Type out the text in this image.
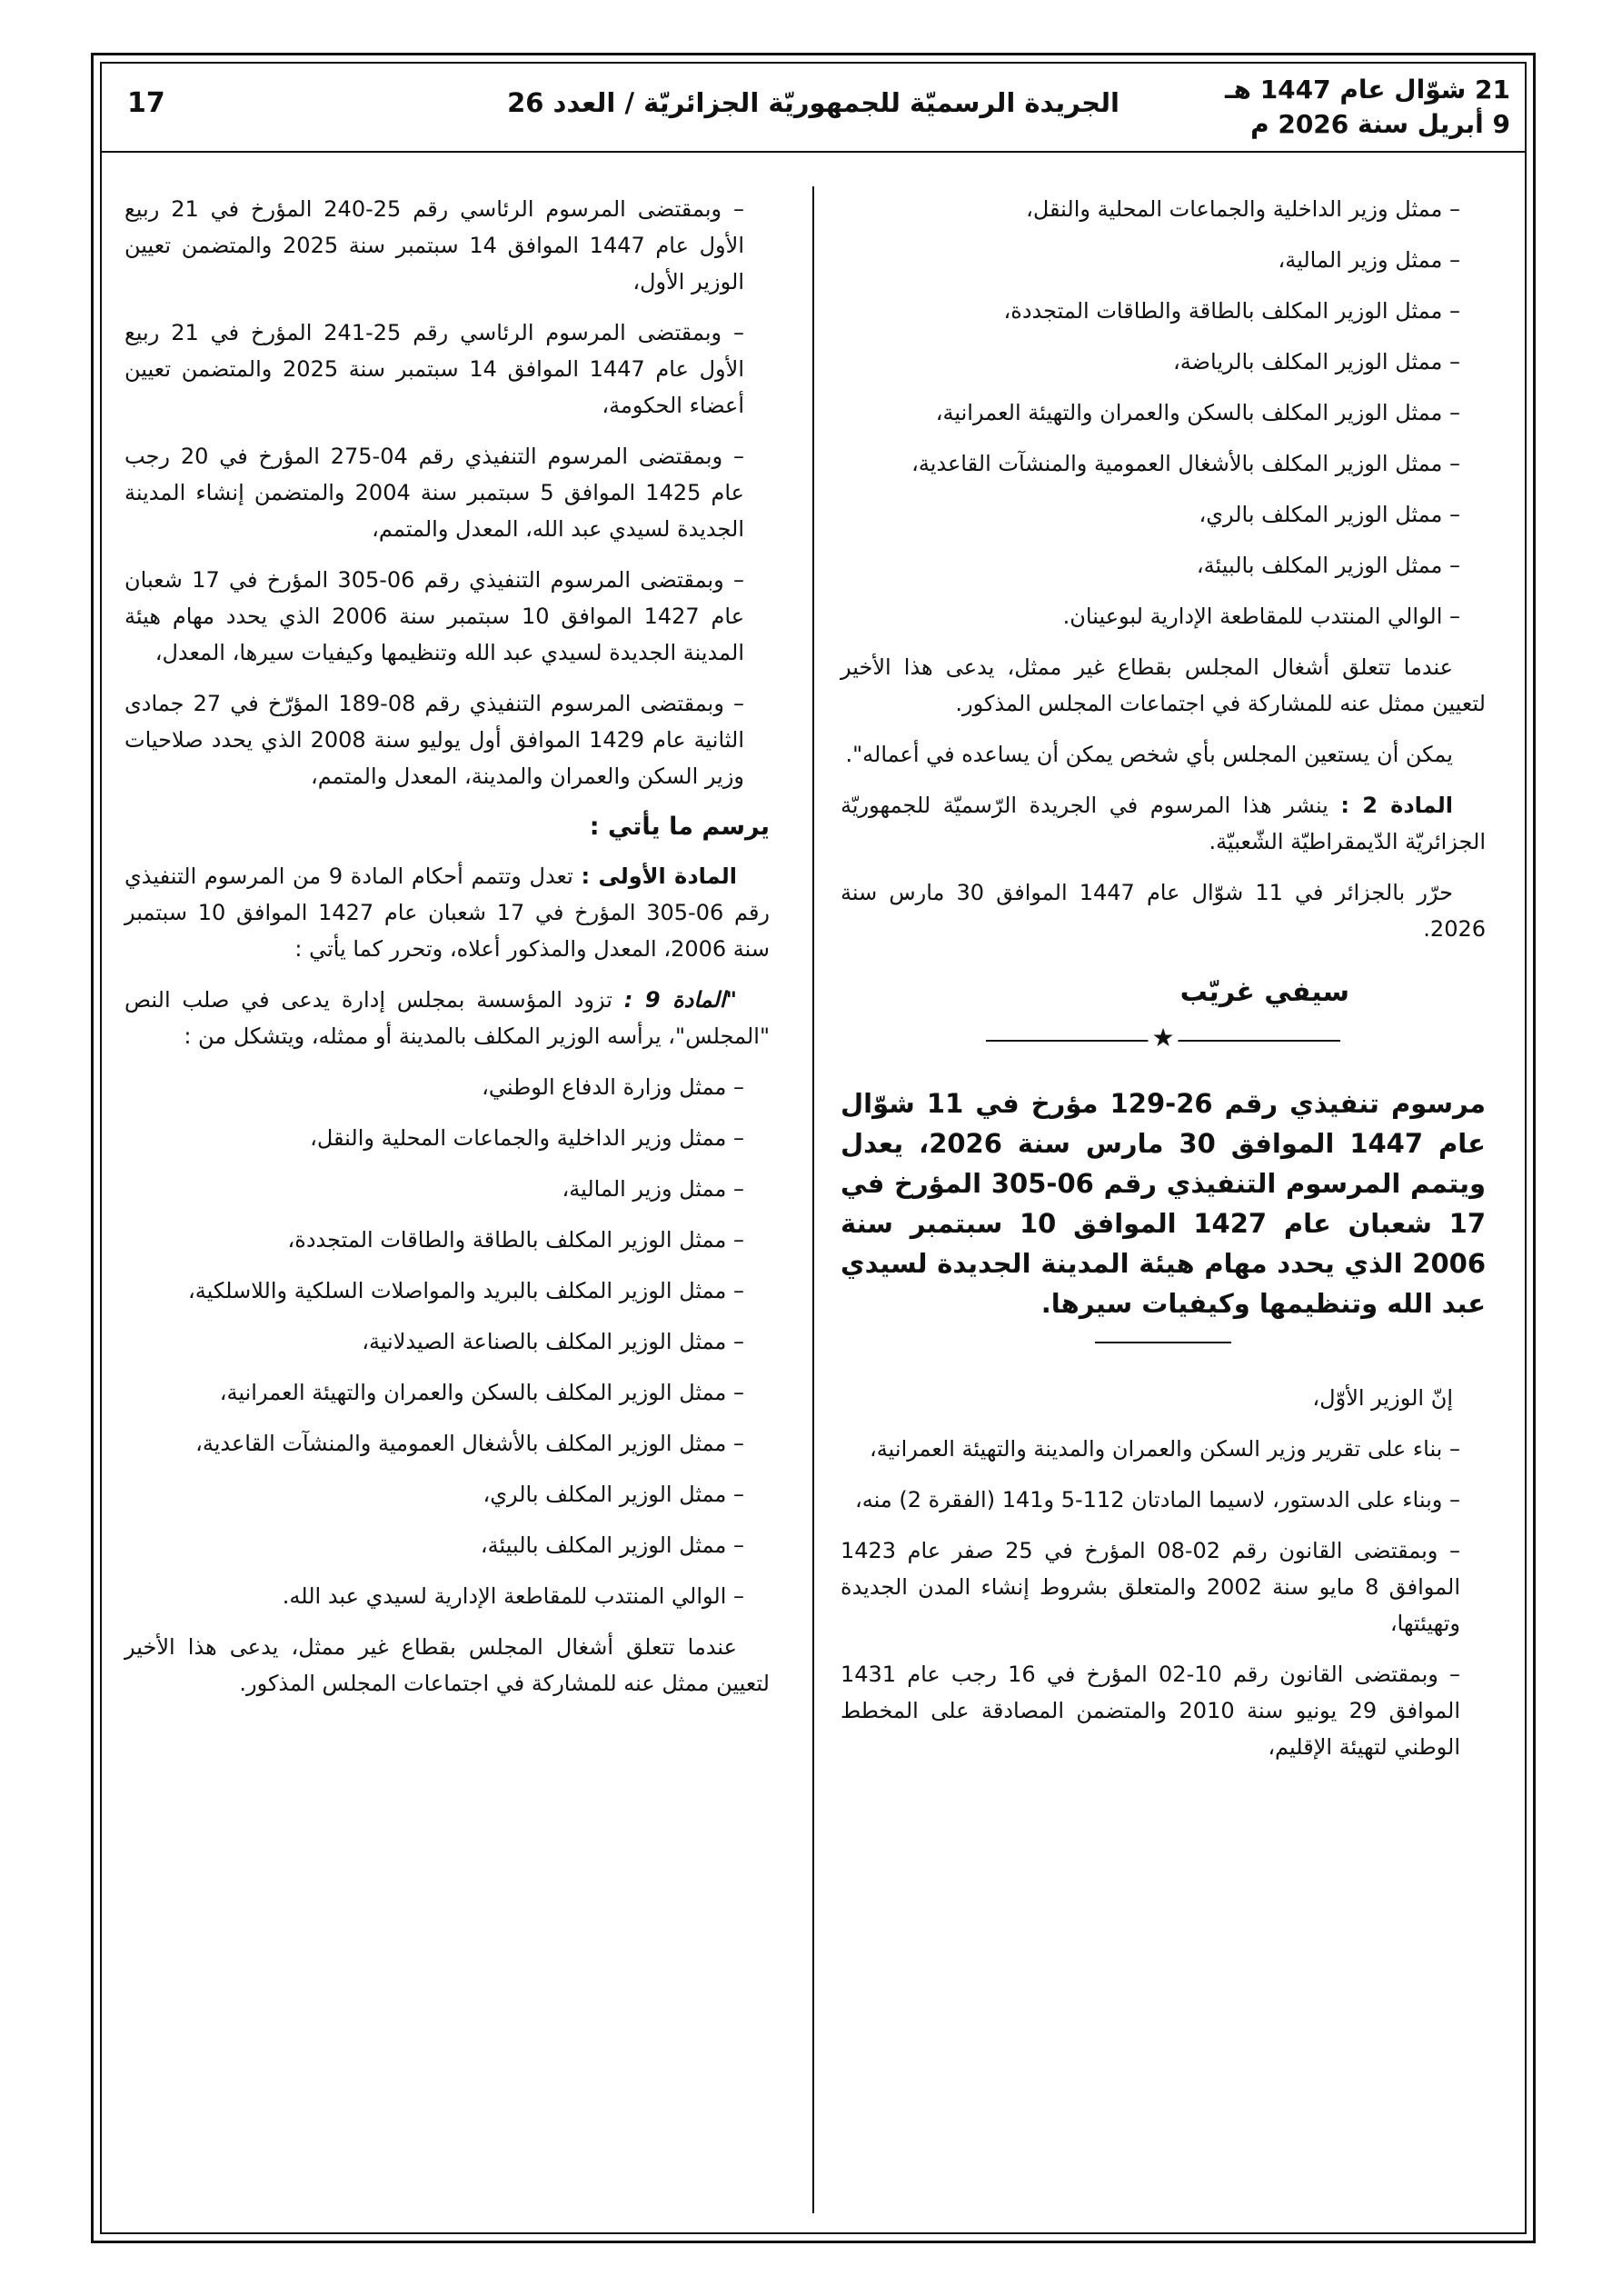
21 شوّال عام 1447 هـ
9 أبريل سنة 2026 م
الجريدة الرسميّة للجمهوريّة الجزائريّة / العدد 26
17

– ممثل وزير الداخلية والجماعات المحلية والنقل،

– ممثل وزير المالية،

– ممثل الوزير المكلف بالطاقة والطاقات المتجددة،

– ممثل الوزير المكلف بالرياضة،

– ممثل الوزير المكلف بالسكن والعمران والتهيئة العمرانية،

– ممثل الوزير المكلف بالأشغال العمومية والمنشآت القاعدية،

– ممثل الوزير المكلف بالري،

– ممثل الوزير المكلف بالبيئة،

– الوالي المنتدب للمقاطعة الإدارية لبوعينان.

عندما تتعلق أشغال المجلس بقطاع غير ممثل، يدعى هذا الأخير لتعيين ممثل عنه للمشاركة في اجتماعات المجلس المذكور.

يمكن أن يستعين المجلس بأي شخص يمكن أن يساعده في أعماله".

المادة 2 : ينشر هذا المرسوم في الجريدة الرّسميّة للجمهوريّة الجزائريّة الدّيمقراطيّة الشّعبيّة.

حرّر بالجزائر في 11 شوّال عام 1447 الموافق 30 مارس سنة 2026.

سيفي غريّب
★
مرسوم تنفيذي رقم 26-129 مؤرخ في 11 شوّال عام 1447 الموافق 30 مارس سنة 2026، يعدل ويتمم المرسوم التنفيذي رقم 06-305 المؤرخ في 17 شعبان عام 1427 الموافق 10 سبتمبر سنة 2006 الذي يحدد مهام هيئة المدينة الجديدة لسيدي عبد الله وتنظيمها وكيفيات سيرها.

إنّ الوزير الأوّل،

– بناء على تقرير وزير السكن والعمران والمدينة والتهيئة العمرانية،

– وبناء على الدستور، لاسيما المادتان 112-5 و141 (الفقرة 2) منه،

– وبمقتضى القانون رقم 02-08 المؤرخ في 25 صفر عام 1423 الموافق 8 مايو سنة 2002 والمتعلق بشروط إنشاء المدن الجديدة وتهيئتها،

– وبمقتضى القانون رقم 10-02 المؤرخ في 16 رجب عام 1431 الموافق 29 يونيو سنة 2010 والمتضمن المصادقة على المخطط الوطني لتهيئة الإقليم،

– وبمقتضى المرسوم الرئاسي رقم 25-240 المؤرخ في 21 ربيع الأول عام 1447 الموافق 14 سبتمبر سنة 2025 والمتضمن تعيين الوزير الأول،

– وبمقتضى المرسوم الرئاسي رقم 25-241 المؤرخ في 21 ربيع الأول عام 1447 الموافق 14 سبتمبر سنة 2025 والمتضمن تعيين أعضاء الحكومة،

– وبمقتضى المرسوم التنفيذي رقم 04-275 المؤرخ في 20 رجب عام 1425 الموافق 5 سبتمبر سنة 2004 والمتضمن إنشاء المدينة الجديدة لسيدي عبد الله، المعدل والمتمم،

– وبمقتضى المرسوم التنفيذي رقم 06-305 المؤرخ في 17 شعبان عام 1427 الموافق 10 سبتمبر سنة 2006 الذي يحدد مهام هيئة المدينة الجديدة لسيدي عبد الله وتنظيمها وكيفيات سيرها، المعدل،

– وبمقتضى المرسوم التنفيذي رقم 08-189 المؤرّخ في 27 جمادى الثانية عام 1429 الموافق أول يوليو سنة 2008 الذي يحدد صلاحيات وزير السكن والعمران والمدينة، المعدل والمتمم،

يرسم ما يأتي :

المادة الأولى : تعدل وتتمم أحكام المادة 9 من المرسوم التنفيذي رقم 06-305 المؤرخ في 17 شعبان عام 1427 الموافق 10 سبتمبر سنة 2006، المعدل والمذكور أعلاه، وتحرر كما يأتي :

"المادة 9 : تزود المؤسسة بمجلس إدارة يدعى في صلب النص "المجلس"، يرأسه الوزير المكلف بالمدينة أو ممثله، ويتشكل من :

– ممثل وزارة الدفاع الوطني،

– ممثل وزير الداخلية والجماعات المحلية والنقل،

– ممثل وزير المالية،

– ممثل الوزير المكلف بالطاقة والطاقات المتجددة،

– ممثل الوزير المكلف بالبريد والمواصلات السلكية واللاسلكية،

– ممثل الوزير المكلف بالصناعة الصيدلانية،

– ممثل الوزير المكلف بالسكن والعمران والتهيئة العمرانية،

– ممثل الوزير المكلف بالأشغال العمومية والمنشآت القاعدية،

– ممثل الوزير المكلف بالري،

– ممثل الوزير المكلف بالبيئة،

– الوالي المنتدب للمقاطعة الإدارية لسيدي عبد الله.

عندما تتعلق أشغال المجلس بقطاع غير ممثل، يدعى هذا الأخير لتعيين ممثل عنه للمشاركة في اجتماعات المجلس المذكور.
